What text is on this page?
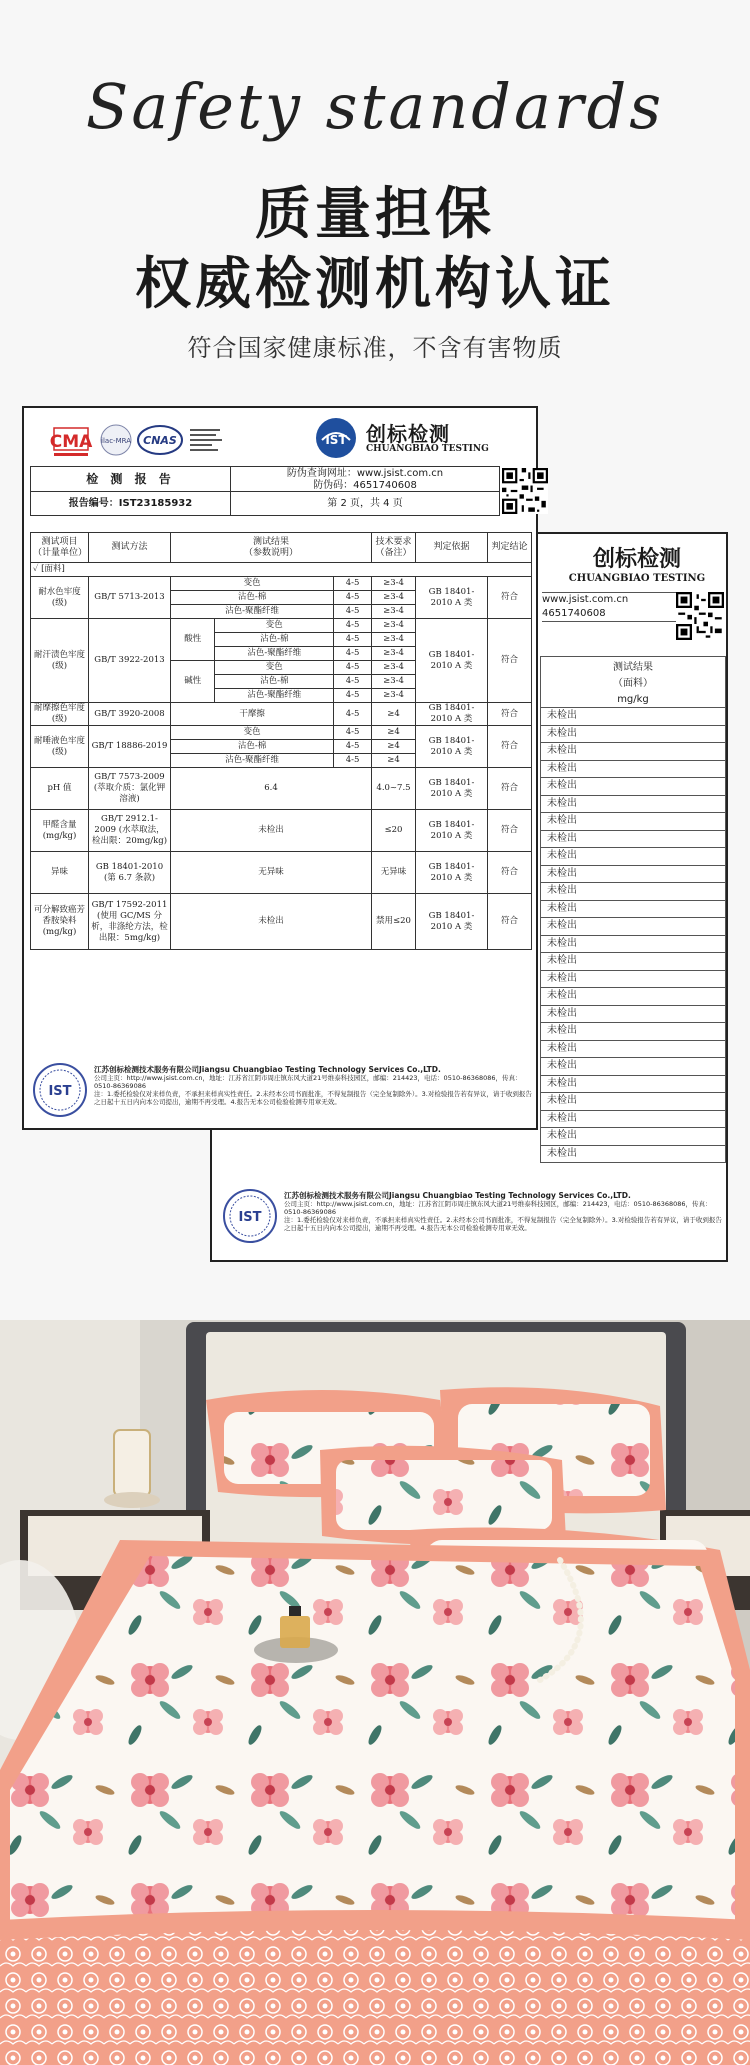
Safety standards
质量担保
权威检测机构认证
符合国家健康标准，不含有害物质
创标检测
CHUANGBIAO TESTING
www.jsist.com.cn
4651740608
测试结果
（面料）
mg/kg
未检出
未检出
未检出
未检出
未检出
未检出
未检出
未检出
未检出
未检出
未检出
未检出
未检出
未检出
未检出
未检出
未检出
未检出
未检出
未检出
未检出
未检出
未检出
未检出
未检出
未检出
IST
江苏创标检测技术服务有限公司Jiangsu Chuangbiao Testing Technology Services Co.,LTD.
公司主页：http://www.jsist.com.cn，地址：江苏省江阴市周庄镇东风大道21号维泰科技园区，邮编：214423，电话：0510-86368086，传真：0510-86369086
注：1.委托检验仅对来样负责，不承担来样真实性责任。2.未经本公司书面批准，不得复制报告（完全复制除外）。3.对检验报告若有异议，请于收到报告之日起十五日内向本公司提出，逾期不再受理。4.报告无本公司检验检测专用章无效。
CMA ilac-MRA CNAS	IST 创标检测
CHUANGBIAO TESTING
检 测 报 告
报告编号：IST23185932
防伪查询网址：www.jsist.com.cn
防伪码：4651740608
第 2 页，共 4 页
测试项目
（计量单位）	测试方法	测试结果
（参数说明）			技术要求
（备注）	判定依据	判定结论
✓ [面料]							
耐水色牢度(级)	GB/T 5713-2013	变色		4-5	≥3-4	GB 18401-2010 A 类	符合
		沾色-棉		4-5	≥3-4		
		沾色-聚酯纤维		4-5	≥3-4		
耐汗渍色牢度(级)	GB/T 3922-2013	酸性	变色	4-5	≥3-4	GB 18401-2010 A 类	符合
			沾色-棉	4-5	≥3-4		
			沾色-聚酯纤维	4-5	≥3-4		
		碱性	变色	4-5	≥3-4		
			沾色-棉	4-5	≥3-4		
			沾色-聚酯纤维	4-5	≥3-4		
耐摩擦色牢度(级)	GB/T 3920-2008	干摩擦		4-5	≥4	GB 18401-2010 A 类	符合
耐唾液色牢度(级)	GB/T 18886-2019	变色		4-5	≥4	GB 18401-2010 A 类	符合
		沾色-棉		4-5	≥4		
		沾色-聚酯纤维		4-5	≥4		
pH 值	GB/T 7573-2009 (萃取介质：氯化钾溶液)	6.4			4.0~7.5	GB 18401-2010 A 类	符合
甲醛含量 (mg/kg)	GB/T 2912.1-2009 (水萃取法，检出限：20mg/kg)	未检出			≤20	GB 18401-2010 A 类	符合
异味	GB 18401-2010 (第 6.7 条款)	无异味			无异味	GB 18401-2010 A 类	符合
可分解致癌芳香胺染料(mg/kg)	GB/T 17592-2011 (使用 GC/MS 分析，非涤纶方法，检出限：5mg/kg)	未检出			禁用≤20	GB 18401-2010 A 类	符合
IST
江苏创标检测技术服务有限公司Jiangsu Chuangbiao Testing Technology Services Co.,LTD.
公司主页：http://www.jsist.com.cn，地址：江苏省江阴市周庄镇东风大道21号维泰科技园区，邮编：214423，电话：0510-86368086，传真：0510-86369086
注：1.委托检验仅对来样负责，不承担来样真实性责任。2.未经本公司书面批准，不得复制报告（完全复制除外）。3.对检验报告若有异议，请于收到报告之日起十五日内向本公司提出，逾期不再受理。4.报告无本公司检验检测专用章无效。
